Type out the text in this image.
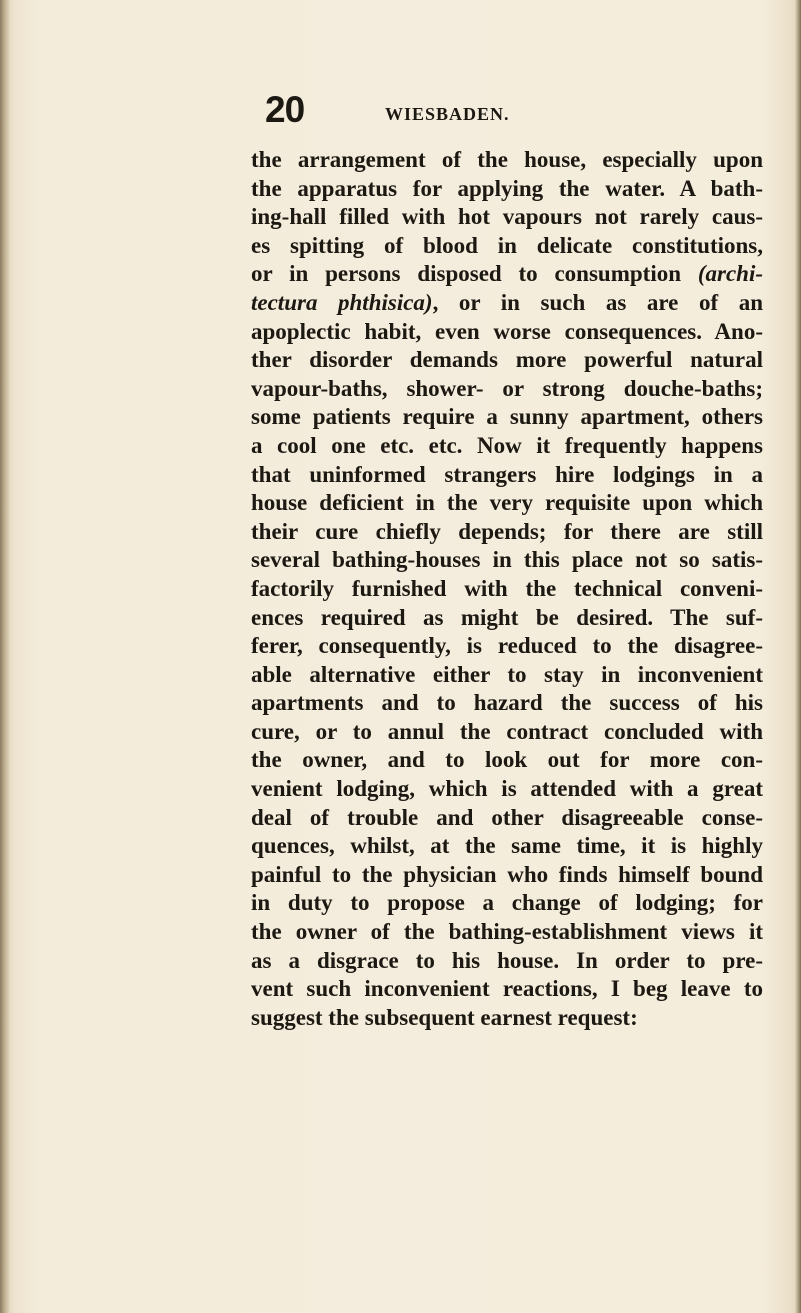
20	WIESBADEN.
the arrangement of the house, especially upon
the apparatus for applying the water. A bath-
ing-hall filled with hot vapours not rarely caus-
es spitting of blood in delicate constitutions,
or in persons disposed to consumption (archi-
tectura phthisica), or in such as are of an
apoplectic habit, even worse consequences. Ano-
ther disorder demands more powerful natural
vapour-baths, shower- or strong douche-baths;
some patients require a sunny apartment, others
a cool one etc. etc. Now it frequently happens
that uninformed strangers hire lodgings in a
house deficient in the very requisite upon which
their cure chiefly depends; for there are still
several bathing-houses in this place not so satis-
factorily furnished with the technical conveni-
ences required as might be desired. The suf-
ferer, consequently, is reduced to the disagree-
able alternative either to stay in inconvenient
apartments and to hazard the success of his
cure, or to annul the contract concluded with
the owner, and to look out for more con-
venient lodging, which is attended with a great
deal of trouble and other disagreeable conse-
quences, whilst, at the same time, it is highly
painful to the physician who finds himself bound
in duty to propose a change of lodging; for
the owner of the bathing-establishment views it
as a disgrace to his house. In order to pre-
vent such inconvenient reactions, I beg leave to
suggest the subsequent earnest request:
